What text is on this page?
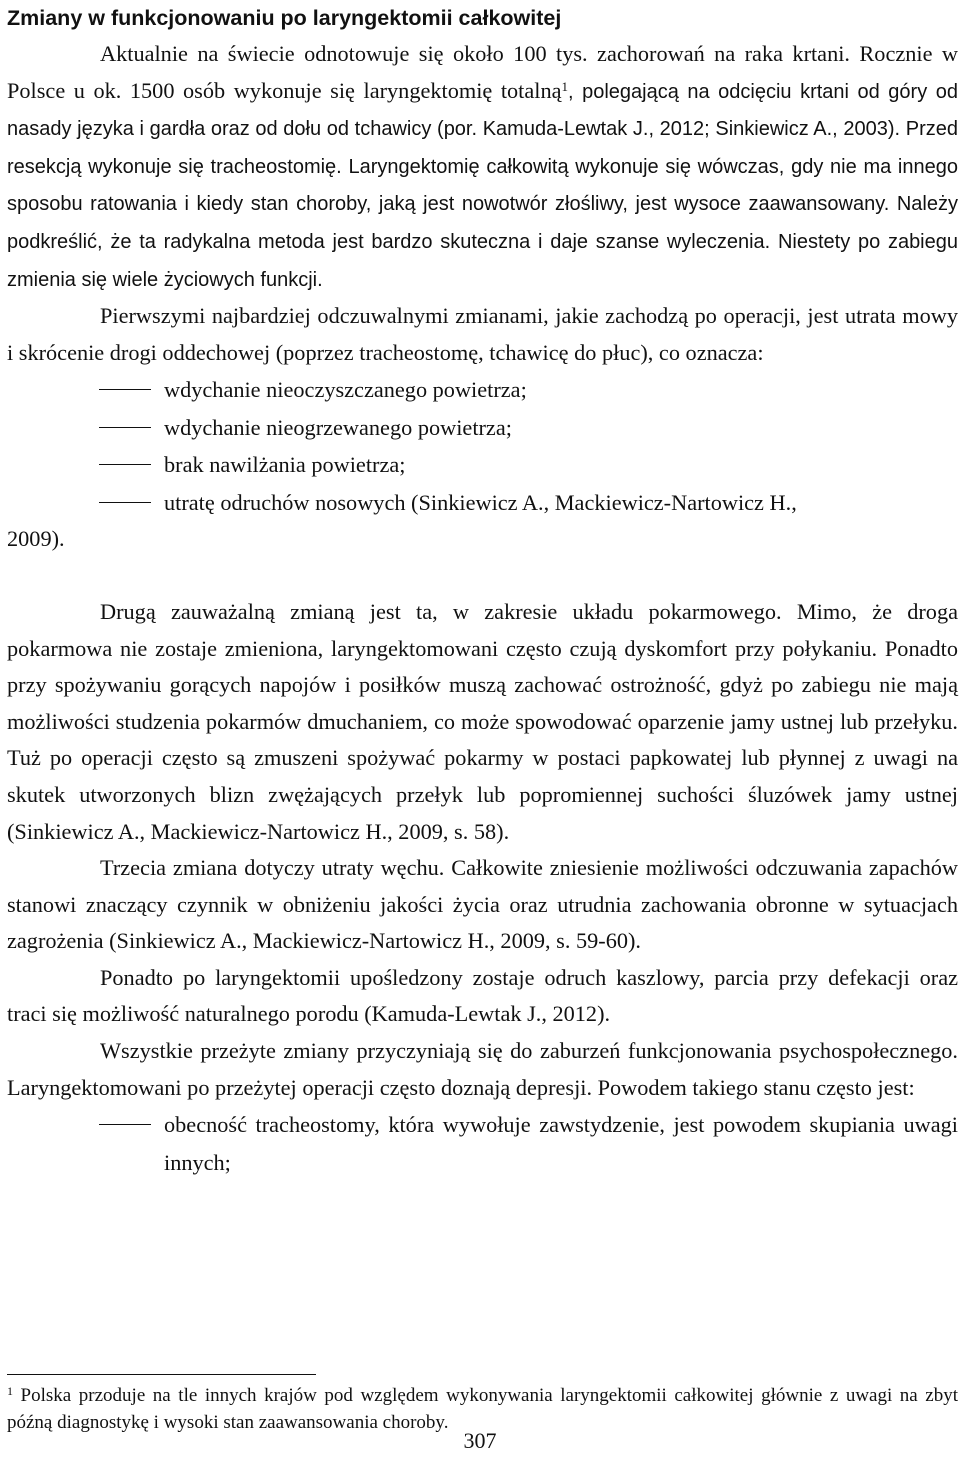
Zmiany w funkcjonowaniu po laryngektomii całkowitej

Aktualnie na świecie odnotowuje się około 100 tys. zachorowań na raka krtani. Rocznie w Polsce u ok. 1500 osób wykonuje się laryngektomię totalną$^1$, polegającą na odcięciu krtani od góry od nasady języka i gardła oraz od dołu od tchawicy (por. Kamuda-Lewtak J., 2012; Sinkiewicz A., 2003). Przed resekcją wykonuje się tracheostomię. Laryngektomię całkowitą wykonuje się wówczas, gdy nie ma innego sposobu ratowania i kiedy stan choroby, jaką jest nowotwór złośliwy, jest wysoce zaawansowany. Należy podkreślić, że ta radykalna metoda jest bardzo skuteczna i daje szanse wyleczenia. Niestety po zabiegu zmienia się wiele życiowych funkcji.

Pierwszymi najbardziej odczuwalnymi zmianami, jakie zachodzą po operacji, jest utrata mowy i skrócenie drogi oddechowej (poprzez tracheostomę, tchawicę do płuc), co oznacza:

wdychanie nieoczyszczanego powietrza;
wdychanie nieogrzewanego powietrza;
brak nawilżania powietrza;
utratę odruchów nosowych (Sinkiewicz A., Mackiewicz-Nartowicz H.,

2009).

Drugą zauważalną zmianą jest ta, w zakresie układu pokarmowego. Mimo, że droga pokarmowa nie zostaje zmieniona, laryngektomowani często czują dyskomfort przy połykaniu. Ponadto przy spożywaniu gorących napojów i posiłków muszą zachować ostrożność, gdyż po zabiegu nie mają możliwości studzenia pokarmów dmuchaniem, co może spowodować oparzenie jamy ustnej lub przełyku. Tuż po operacji często są zmuszeni spożywać pokarmy w postaci papkowatej lub płynnej z uwagi na skutek utworzonych blizn zwężających przełyk lub popromiennej suchości śluzówek jamy ustnej (Sinkiewicz A., Mackiewicz-Nartowicz H., 2009, s. 58).

Trzecia zmiana dotyczy utraty węchu. Całkowite zniesienie możliwości odczuwania zapachów stanowi znaczący czynnik w obniżeniu jakości życia oraz utrudnia zachowania obronne w sytuacjach zagrożenia (Sinkiewicz A., Mackiewicz-Nartowicz H., 2009, s. 59-60).

Ponadto po laryngektomii upośledzony zostaje odruch kaszlowy, parcia przy defekacji oraz traci się możliwość naturalnego porodu (Kamuda-Lewtak J., 2012).

Wszystkie przeżyte zmiany przyczyniają się do zaburzeń funkcjonowania psychospołecznego. Laryngektomowani po przeżytej operacji często doznają depresji. Powodem takiego stanu często jest:

obecność tracheostomy, która wywołuje zawstydzenie, jest powodem skupiania uwagi innych;

$^1$ Polska przoduje na tle innych krajów pod względem wykonywania laryngektomii całkowitej głównie z uwagi na zbyt późną diagnostykę i wysoki stan zaawansowania choroby.

307
